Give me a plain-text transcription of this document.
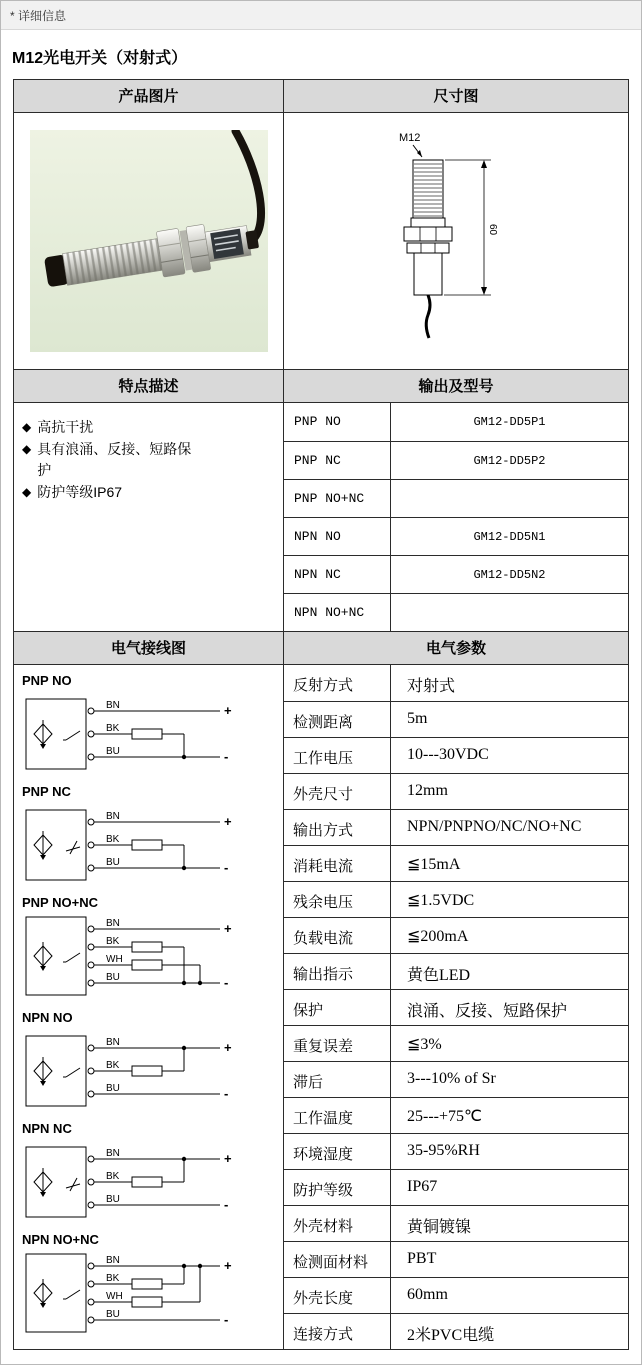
* 详细信息
M12光电开关（对射式）
产品图片	尺寸图
M12
60
特点描述	输出及型号
◆ 高抗干扰
◆ 具有浪涌、反接、短路保护
◆ 防护等级IP67
PNP NO	GM12-DD5P1
PNP NC	GM12-DD5P2
PNP NO+NC
NPN NO	GM12-DD5N1
NPN NC	GM12-DD5N2
NPN NO+NC
电气接线图	电气参数
PNP NO
BN	+
BK
BU	-
PNP NC
BN	+
BK
BU	-
PNP NO+NC
BN	+
BK
WH
BU	-
NPN NO
BN	+
BK
BU	-
NPN NC
BN	+
BK
BU	-
NPN NO+NC
BN	+
BK
WH
BU	-
反射方式	对射式
检测距离	5m
工作电压	10---30VDC
外壳尺寸	12mm
输出方式	NPN/PNPNO/NC/NO+NC
消耗电流	≦15mA
残余电压	≦1.5VDC
负载电流	≦200mA
输出指示	黄色LED
保护	浪涌、反接、短路保护
重复误差	≦3%
滞后	3---10% of Sr
工作温度	25---+75℃
环境湿度	35-95%RH
防护等级	IP67
外壳材料	黄铜镀镍
检测面材料	PBT
外壳长度	60mm
连接方式	2米PVC电缆
